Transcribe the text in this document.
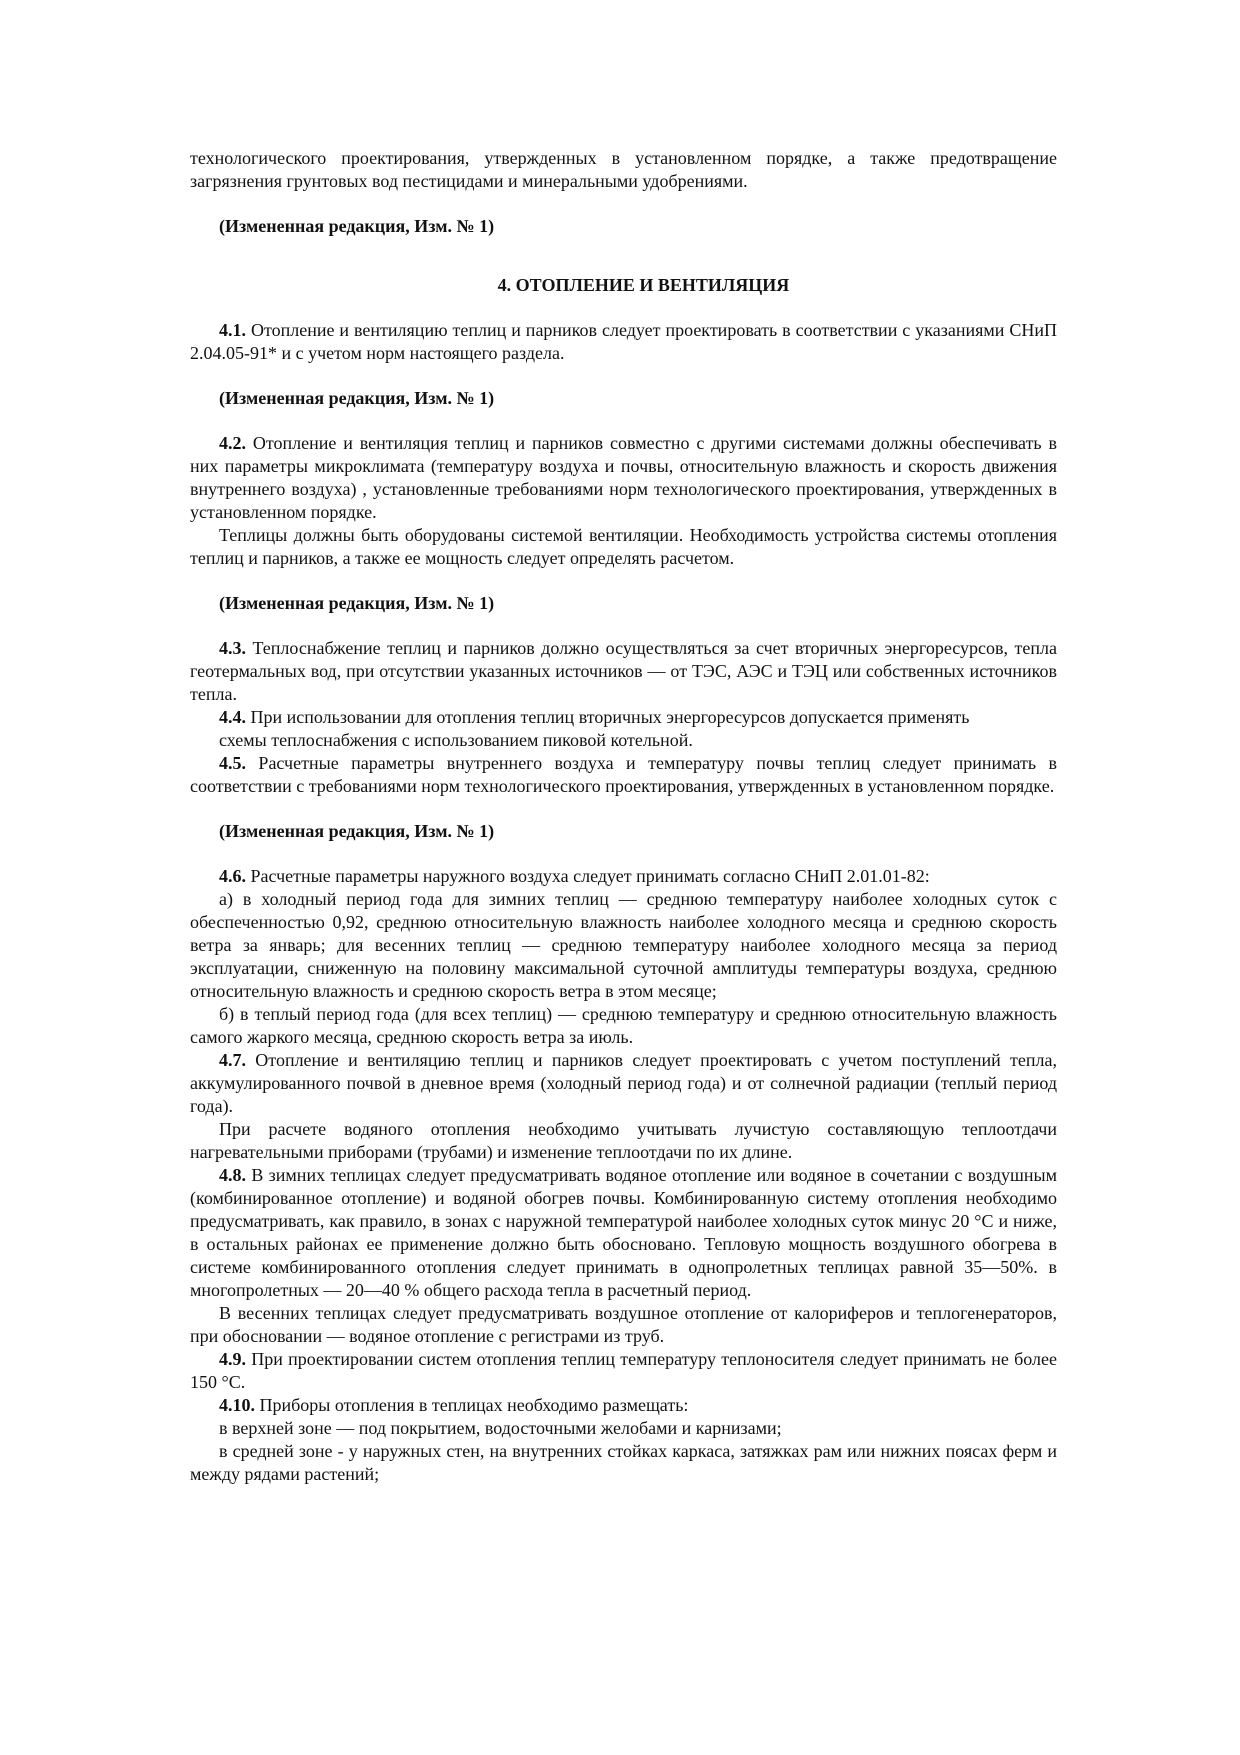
технологического проектирования, утвержденных в установленном порядке, а также предотвращение загрязнения грунтовых вод пестицидами и минеральными удобрениями.

(Измененная редакция, Изм. № 1)

4. ОТОПЛЕНИЕ И ВЕНТИЛЯЦИЯ

4.1. Отопление и вентиляцию теплиц и парников следует проектировать в соответствии с указаниями СНиП 2.04.05-91* и с учетом норм настоящего раздела.

(Измененная редакция, Изм. № 1)

4.2. Отопление и вентиляция теплиц и парников совместно с другими системами должны обеспечивать в них параметры микроклимата (температуру воздуха и почвы, относительную влажность и скорость движения внутреннего воздуха) , установленные требованиями норм технологического проектирования, утвержденных в установленном порядке.

Теплицы должны быть оборудованы системой вентиляции. Необходимость устройства системы отопления теплиц и парников, а также ее мощность следует определять расчетом.

(Измененная редакция, Изм. № 1)

4.3. Теплоснабжение теплиц и парников должно осуществляться за счет вторичных энергоресурсов, тепла геотермальных вод, при отсутствии указанных источников — от ТЭС, АЭС и ТЭЦ или собственных источников тепла.

4.4. При использовании для отопления теплиц вторичных энергоресурсов допускается применять

схемы теплоснабжения с использованием пиковой котельной.

4.5. Расчетные параметры внутреннего воздуха и температуру почвы теплиц следует принимать в соответствии с требованиями норм технологического проектирования, утвержденных в установленном порядке.

(Измененная редакция, Изм. № 1)

4.6. Расчетные параметры наружного воздуха следует принимать согласно СНиП 2.01.01-82:

а) в холодный период года для зимних теплиц — среднюю температуру наиболее холодных суток с обеспеченностью 0,92, среднюю относительную влажность наиболее холодного месяца и среднюю скорость ветра за январь; для весенних теплиц — среднюю температуру наиболее холодного месяца за период эксплуатации, сниженную на половину максимальной суточной амплитуды температуры воздуха, среднюю относительную влажность и среднюю скорость ветра в этом месяце;

б) в теплый период года (для всех теплиц) — среднюю температуру и среднюю относительную влажность самого жаркого месяца, среднюю скорость ветра за июль.

4.7. Отопление и вентиляцию теплиц и парников следует проектировать с учетом поступлений тепла, аккумулированного почвой в дневное время (холодный период года) и от солнечной радиации (теплый период года).

При расчете водяного отопления необходимо учитывать лучистую составляющую теплоотдачи нагревательными приборами (трубами) и изменение теплоотдачи по их длине.

4.8. В зимних теплицах следует предусматривать водяное отопление или водяное в сочетании с воздушным (комбинированное отопление) и водяной обогрев почвы. Комбинированную систему отопления необходимо предусматривать, как правило, в зонах с наружной температурой наиболее холодных суток минус 20 °С и ниже, в остальных районах ее применение должно быть обосновано. Тепловую мощность воздушного обогрева в системе комбинированного отопления следует принимать в однопролетных теплицах равной 35—50%. в многопролетных — 20—40 % общего расхода тепла в расчетный период.

В весенних теплицах следует предусматривать воздушное отопление от калориферов и теплогенераторов, при обосновании — водяное отопление с регистрами из труб.

4.9. При проектировании систем отопления теплиц температуру теплоносителя следует принимать не более 150 °С.

4.10. Приборы отопления в теплицах необходимо размещать:

в верхней зоне — под покрытием, водосточными желобами и карнизами;

в средней зоне - у наружных стен, на внутренних стойках каркаса, затяжках рам или нижних поясах ферм и между рядами растений;
